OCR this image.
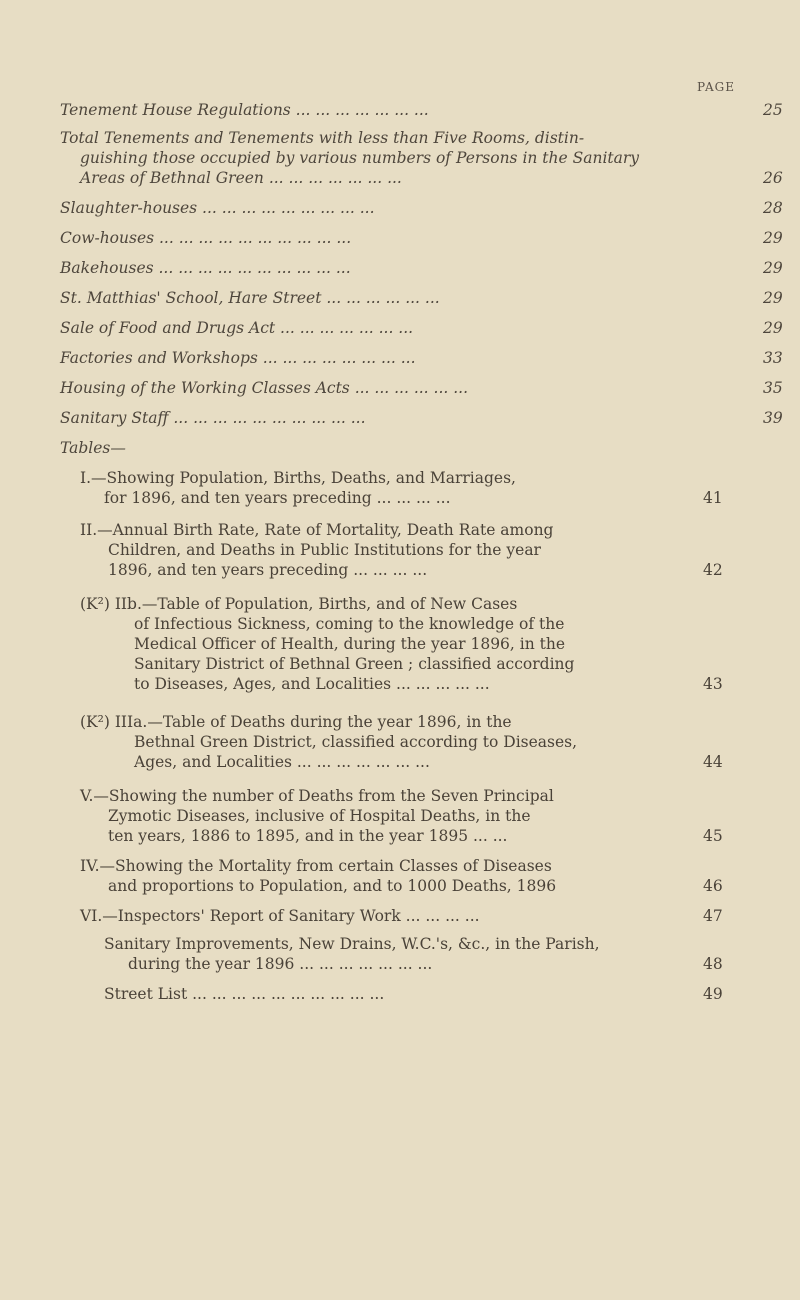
PAGE
Tenement House Regulations ... ... ... ... ... ... ...	25
Total Tenements and Tenements with less than Five Rooms, distin-
guishing those occupied by various numbers of Persons in the Sanitary
Areas of Bethnal Green ... ... ... ... ... ... ...	26
Slaughter-houses ... ... ... ... ... ... ... ... ...	28
Cow-houses ... ... ... ... ... ... ... ... ... ...	29
Bakehouses ... ... ... ... ... ... ... ... ... ...	29
St. Matthias' School, Hare Street ... ... ... ... ... ...	29
Sale of Food and Drugs Act ... ... ... ... ... ... ...	29
Factories and Workshops ... ... ... ... ... ... ... ...	33
Housing of the Working Classes Acts ... ... ... ... ... ...	35
Sanitary Staff ... ... ... ... ... ... ... ... ... ...	39
Tables—
I.—Showing Population, Births, Deaths, and Marriages,
for 1896, and ten years preceding ... ... ... ...	41
II.—Annual Birth Rate, Rate of Mortality, Death Rate among
Children, and Deaths in Public Institutions for the year
1896, and ten years preceding ... ... ... ...	42
(K²) IIb.—Table of Population, Births, and of New Cases
of Infectious Sickness, coming to the knowledge of the
Medical Officer of Health, during the year 1896, in the
Sanitary District of Bethnal Green ; classified according
to Diseases, Ages, and Localities ... ... ... ... ...	43
(K²) IIIa.—Table of Deaths during the year 1896, in the
Bethnal Green District, classified according to Diseases,
Ages, and Localities ... ... ... ... ... ... ...	44
V.—Showing the number of Deaths from the Seven Principal
Zymotic Diseases, inclusive of Hospital Deaths, in the
ten years, 1886 to 1895, and in the year 1895 ... ...	45
IV.—Showing the Mortality from certain Classes of Diseases
and proportions to Population, and to 1000 Deaths, 1896	46
VI.—Inspectors' Report of Sanitary Work ... ... ... ...	47
Sanitary Improvements, New Drains, W.C.'s, &c., in the Parish,
during the year 1896 ... ... ... ... ... ... ...	48
Street List ... ... ... ... ... ... ... ... ... ...	49
